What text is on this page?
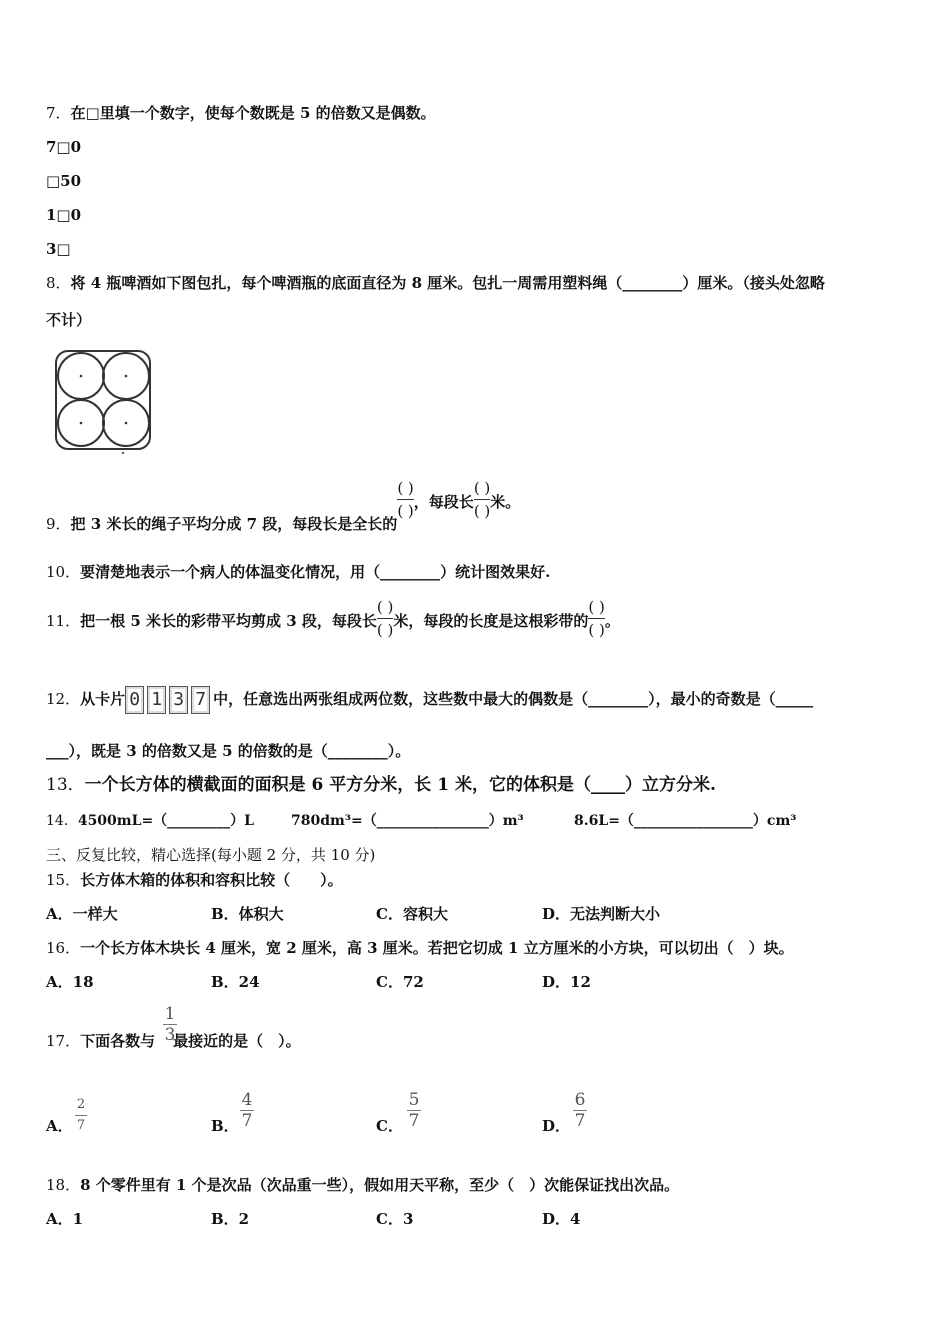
7．在□里填一个数字，使每个数既是 5 的倍数又是偶数。
7□0
□50
1□0
3□
8．将 4 瓶啤酒如下图包扎，每个啤酒瓶的底面直径为 8 厘米。包扎一周需用塑料绳（________）厘米。（接头处忽略
不计）
9．把 3 米长的绳子平均分成 7 段，每段长是全长的
$\frac{( )}{( )}$ ，每段长 $\frac{( )}{( )}$ 米。
10．要清楚地表示一个病人的体温变化情况，用（________）统计图效果好.
11．把一根 5 米长的彩带平均剪成 3 段，每段长 $\frac{( )}{( )}$ 米，每段的长度是这根彩带的 $\frac{( )}{( )}$ 。
12．从卡片 0 1 3 7 中，任意选出两张组成两位数，这些数中最大的偶数是（________），最小的奇数是（_____
___），既是 3 的倍数又是 5 的倍数的是（________）。
13．一个长方体的横截面的面积是 6 平方分米，长 1 米，它的体积是（____）立方分米.
14．4500mL=（_________）L	780dm³=（________________）m³	8.6L=（_________________）cm³
三、反复比较，精心选择(每小题 2 分，共 10 分)
15．长方体木箱的体积和容积比较（　　）。
A．一样大	B．体积大	C．容积大	D．无法判断大小
16．一个长方体木块长 4 厘米，宽 2 厘米，高 3 厘米。若把它切成 1 立方厘米的小方块，可以切出（　）块。
A．18	B．24	C．72	D．12
17．下面各数与 最接近的是（　）。
1
3
A．
2
7	B．
4
7	C．
5
7	D．
6
7
18．8 个零件里有 1 个是次品（次品重一些），假如用天平称，至少（　）次能保证找出次品。
A．1	B．2	C．3	D．4
